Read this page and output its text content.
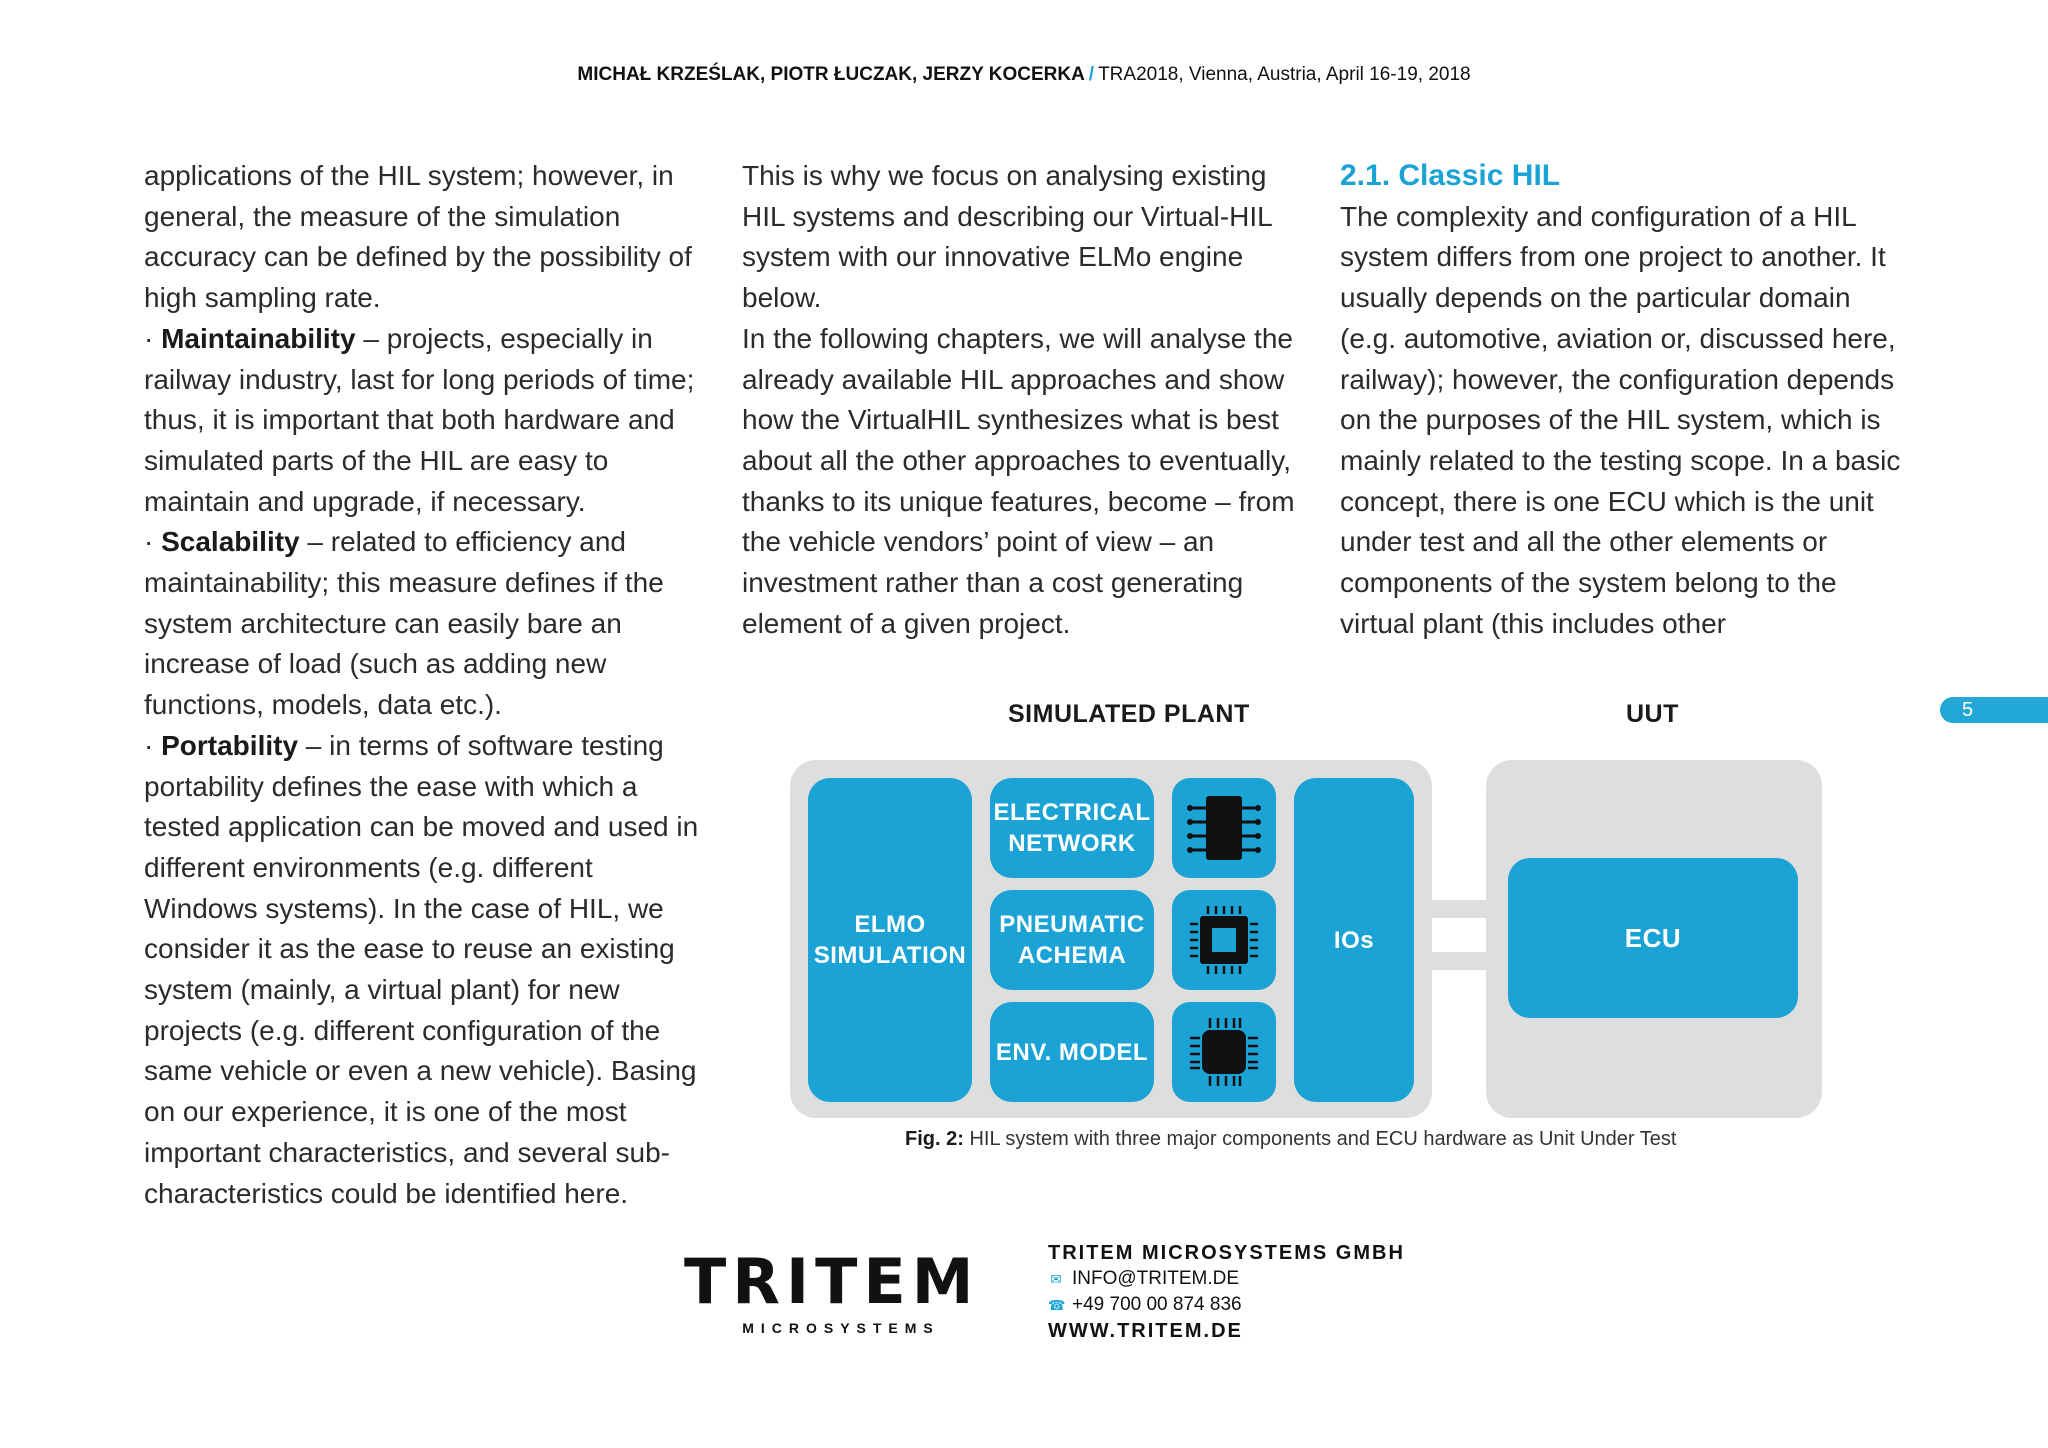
MICHAŁ KRZEŚLAK, PIOTR ŁUCZAK, JERZY KOCERKA / TRA2018, Vienna, Austria, April 16-19, 2018

applications of the HIL system; however, in general, the measure of the simulation accuracy can be defined by the possibility of high sampling rate.

· Maintainability – projects, especially in railway industry, last for long periods of time; thus, it is important that both hardware and simulated parts of the HIL are easy to maintain and upgrade, if necessary.

· Scalability – related to efficiency and maintainability; this measure defines if the system architecture can easily bare an increase of load (such as adding new functions, models, data etc.).

· Portability – in terms of software testing portability defines the ease with which a tested application can be moved and used in different environments (e.g. different Windows systems). In the case of HIL, we consider it as the ease to reuse an existing system (mainly, a virtual plant) for new projects (e.g. different configuration of the same vehicle or even a new vehicle). Basing on our experience, it is one of the most important characteristics, and several sub-characteristics could be identified here.

This is why we focus on analysing existing HIL systems and describing our Virtual-HIL system with our innovative ELMo engine below.

In the following chapters, we will analyse the already available HIL approaches and show how the VirtualHIL synthesizes what is best about all the other approaches to eventually, thanks to its unique features, become – from the vehicle vendors’ point of view – an investment rather than a cost generating element of a given project.

2.1. Classic HIL

The complexity and configuration of a HIL system differs from one project to another. It usually depends on the particular domain (e.g. automotive, aviation or, discussed here, railway); however, the configuration depends on the purposes of the HIL system, which is mainly related to the testing scope. In a basic concept, there is one ECU which is the unit under test and all the other elements or components of the system belong to the virtual plant (this includes other

5
SIMULATED PLANT	UUT
ELMO
SIMULATION
ELECTRICAL
NETWORK
PNEUMATIC
ACHEMA
ENV. MODEL
IOs	ECU
Fig. 2: HIL system with three major components and ECU hardware as Unit Under Test
TRITEM
MICROSYSTEMS
TRITEM MICROSYSTEMS GMBH
✉ INFO@TRITEM.DE
☎ +49 700 00 874 836
WWW.TRITEM.DE
